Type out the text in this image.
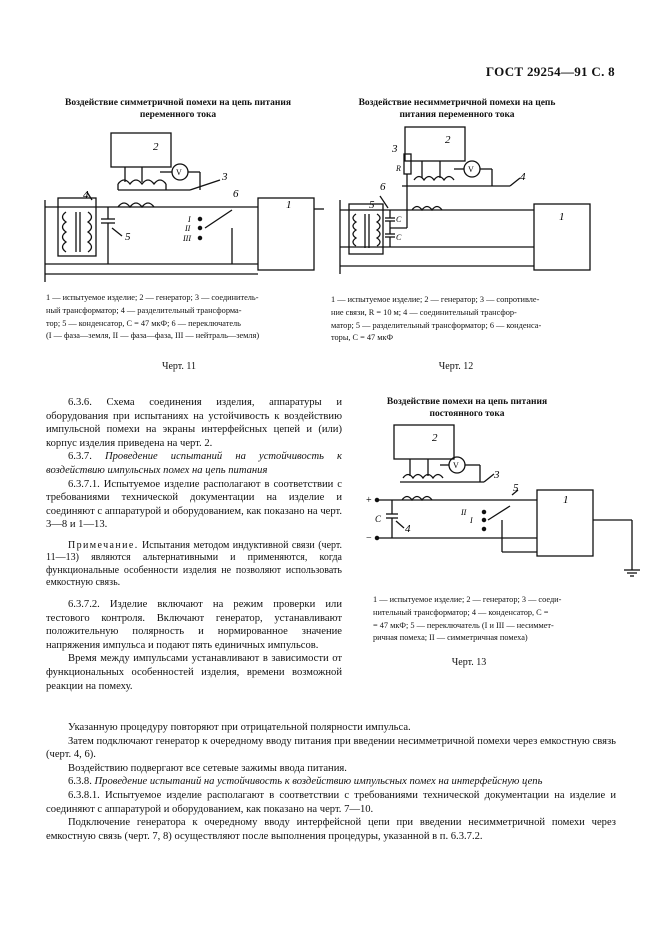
ГОСТ 29254—91 С. 8
Воздействие симметричной помехи на цепь питания
переменного тока
2
V	3
6
1
4
5
I
II
III
1 — испытуемое изделие; 2 — генератор; 3 — соединитель-
ный трансформатор; 4 — разделительный трансформа-
тор; 5 — конденсатор, C = 47 мкФ; 6 — переключатель
(I — фаза—земля, II — фаза—фаза, III — нейтраль—земля)
Черт. 11
Воздействие несимметричной помехи на цепь
питания переменного тока
2
3
R	V
4
6
5
C
C
1
1 — испытуемое изделие; 2 — генератор; 3 — сопротивле-
ние связи, R = 10 м; 4 — соединительный трансфор-
матор; 5 — разделительный трансформатор; 6 — конденса-
торы, C = 47 мкФ
Черт. 12
Воздействие помехи на цепь питания
постоянного тока
2
V
3
5
1
+
−
C
4
II
I
1 — испытуемое изделие; 2 — генератор; 3 — соеди-
нительный трансформатор; 4 — конденсатор, C =
= 47 мкФ; 5 — переключатель (I и III — несиммет-
ричная помеха; II — симметричная помеха)
Черт. 13

6.3.6. Схема соединения изделия, аппаратуры и оборудования при испытаниях на устойчивость к воздействию импульсной помехи на экраны интерфейсных цепей и (или) корпус изделия приведена на черт. 2.

6.3.7. Проведение испытаний на устойчивость к воздействию импульсных помех на цепь питания

6.3.7.1. Испытуемое изделие располагают в соответствии с требованиями технической документации на изделие и соединяют с аппаратурой и оборудованием, как показано на черт. 3—8 и 1—13.

Примечание. Испытания методом индуктивной связи (черт. 11—13) являются альтернативными и применяются, когда функциональные особенности изделия не позволяют использовать емкостную связь.

6.3.7.2. Изделие включают на режим проверки или тестового контроля. Включают генератор, устанавливают положительную полярность и нормированное значение напряжения импульса и подают пять единичных импульсов.

Время между импульсами устанавливают в зависимости от функциональных особенностей изделия, времени возможной реакции на помеху.

Указанную процедуру повторяют при отрицательной полярности импульса.

Затем подключают генератор к очередному вводу питания при введении несимметричной помехи через емкостную связь (черт. 4, 6).

Воздействию подвергают все сетевые зажимы ввода питания.

6.3.8. Проведение испытаний на устойчивость к воздействию импульсных помех на интерфейсную цепь

6.3.8.1. Испытуемое изделие располагают в соответствии с требованиями технической документации на изделие и соединяют с аппаратурой и оборудованием, как показано на черт. 7—10.

Подключение генератора к очередному вводу интерфейсной цепи при введении несимметричной помехи через емкостную связь (черт. 7, 8) осуществляют после выполнения процедуры, указанной в п. 6.3.7.2.
